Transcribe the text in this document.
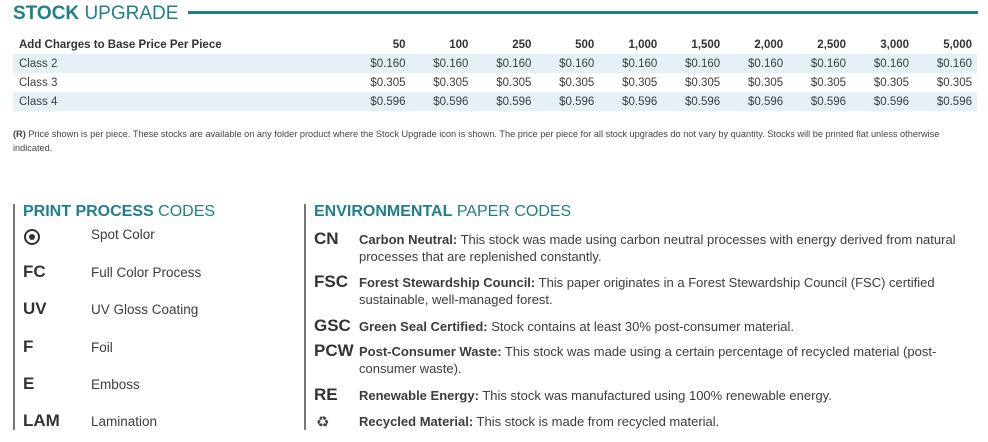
STOCK UPGRADE
Add Charges to Base Price Per Piece	50	100	250	500	1,000	1,500	2,000	2,500	3,000	5,000
Class 2	$0.160	$0.160	$0.160	$0.160	$0.160	$0.160	$0.160	$0.160	$0.160	$0.160
Class 3	$0.305	$0.305	$0.305	$0.305	$0.305	$0.305	$0.305	$0.305	$0.305	$0.305
Class 4	$0.596	$0.596	$0.596	$0.596	$0.596	$0.596	$0.596	$0.596	$0.596	$0.596
(R) Price shown is per piece. These stocks are available on any folder product where the Stock Upgrade icon is shown. The price per piece for all stock upgrades do not vary by quantity. Stocks will be printed flat unless otherwise indicated.
PRINT PROCESS CODES
Spot Color
FC	Full Color Process
UV	UV Gloss Coating
F	Foil
E	Emboss
LAM Lamination
ENVIRONMENTAL PAPER CODES
CN Carbon Neutral: This stock was made using carbon neutral processes with energy derived from natural processes that are replenished constantly.
FSC Forest Stewardship Council: This paper originates in a Forest Stewardship Council (FSC) certified sustainable, well-managed forest.
GSC Green Seal Certified: Stock contains at least 30% post-consumer material.
PCW Post-Consumer Waste: This stock was made using a certain percentage of recycled material (post-consumer waste).
RE Renewable Energy: This stock was manufactured using 100% renewable energy.
♻ Recycled Material: This stock is made from recycled material.
